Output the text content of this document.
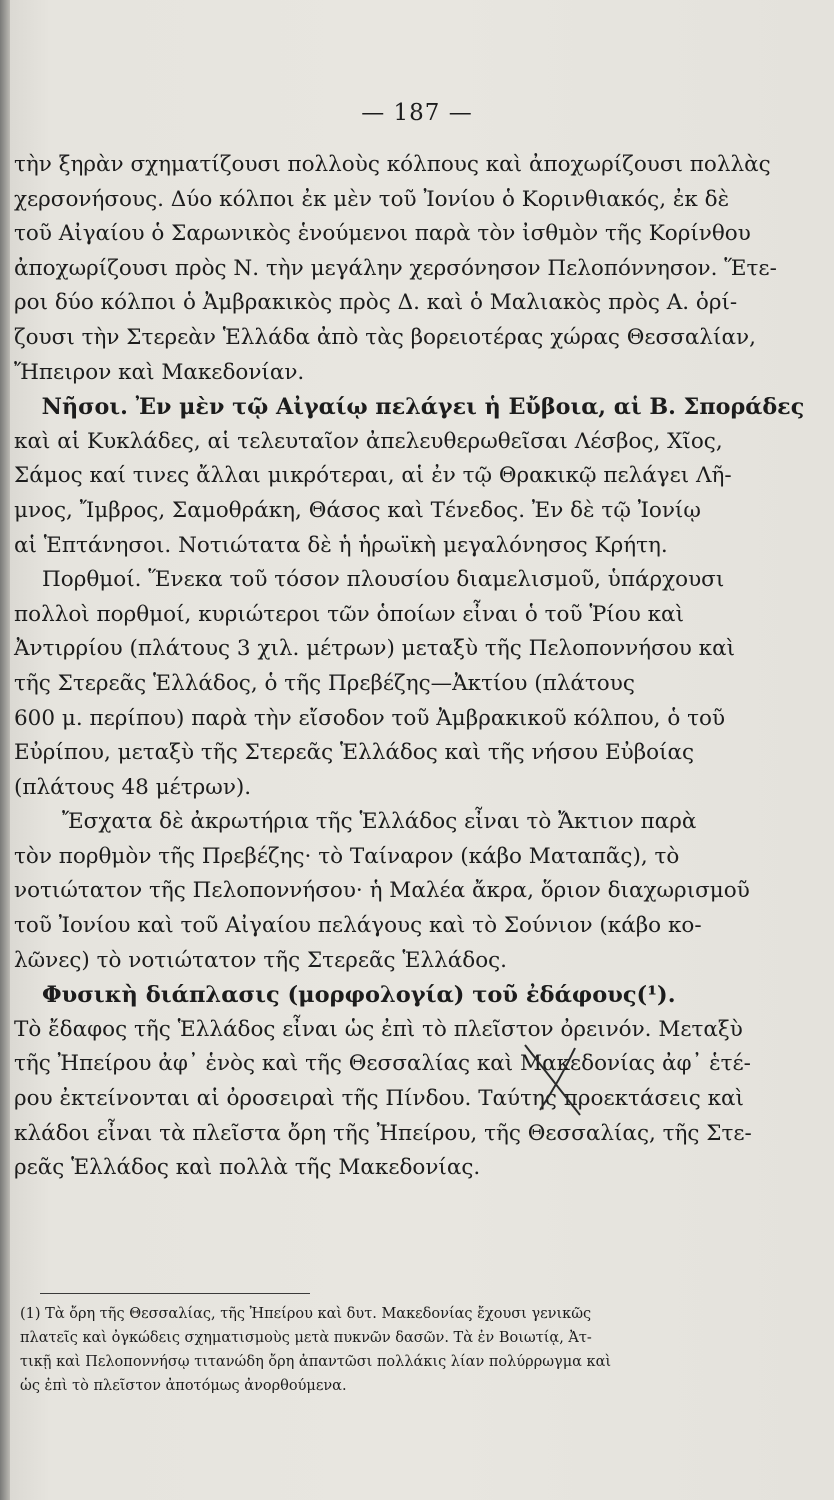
— 187 —
τὴν ξηρὰν σχηματίζουσι πολλοὺς κόλπους καὶ ἀποχωρίζουσι πολλὰς
χερσονήσους. Δύο κόλποι ἐκ μὲν τοῦ Ἰονίου ὁ Κορινθιακός, ἐκ δὲ
τοῦ Αἰγαίου ὁ Σαρωνικὸς ἑνούμενοι παρὰ τὸν ἰσθμὸν τῆς Κορίνθου
ἀποχωρίζουσι πρὸς Ν. τὴν μεγάλην χερσόνησον Πελοπόννησον. Ἕτε-
ροι δύο κόλποι ὁ Ἀμβρακικὸς πρὸς Δ. καὶ ὁ Μαλιακὸς πρὸς Α. ὁρί-
ζουσι τὴν Στερεὰν Ἑλλάδα ἀπὸ τὰς βορειοτέρας χώρας Θεσσαλίαν,
Ἤπειρον καὶ Μακεδονίαν.
Νῆσοι. Ἐν μὲν τῷ Αἰγαίῳ πελάγει ἡ Εὔβοια, αἱ Β. Σποράδες
καὶ αἱ Κυκλάδες, αἱ τελευταῖον ἀπελευθερωθεῖσαι Λέσβος, Χῖος,
Σάμος καί τινες ἄλλαι μικρότεραι, αἱ ἐν τῷ Θρακικῷ πελάγει Λῆ-
μνος, Ἴμβρος, Σαμοθράκη, Θάσος καὶ Τένεδος. Ἐν δὲ τῷ Ἰονίῳ
αἱ Ἑπτάνησοι. Νοτιώτατα δὲ ἡ ἡρωϊκὴ μεγαλόνησος Κρήτη.
Πορθμοί. Ἕνεκα τοῦ τόσον πλουσίου διαμελισμοῦ, ὑπάρχουσι
πολλοὶ πορθμοί, κυριώτεροι τῶν ὁποίων εἶναι ὁ τοῦ Ῥίου καὶ
Ἀντιρρίου (πλάτους 3 χιλ. μέτρων) μεταξὺ τῆς Πελοποννήσου καὶ
τῆς Στερεᾶς Ἑλλάδος, ὁ τῆς Πρεβέζης—Ἀκτίου (πλάτους
600 μ. περίπου) παρὰ τὴν εἴσοδον τοῦ Ἀμβρακικοῦ κόλπου, ὁ τοῦ
Εὐρίπου, μεταξὺ τῆς Στερεᾶς Ἑλλάδος καὶ τῆς νήσου Εὐβοίας
(πλάτους 48 μέτρων).
Ἔσχατα δὲ ἀκρωτήρια τῆς Ἑλλάδος εἶναι τὸ Ἄκτιον παρὰ
τὸν πορθμὸν τῆς Πρεβέζης· τὸ Ταίναρον (κάβο Ματαπᾶς), τὸ
νοτιώτατον τῆς Πελοποννήσου· ἡ Μαλέα ἄκρα, ὅριον διαχωρισμοῦ
τοῦ Ἰονίου καὶ τοῦ Αἰγαίου πελάγους καὶ τὸ Σούνιον (κάβο κο-
λῶνες) τὸ νοτιώτατον τῆς Στερεᾶς Ἑλλάδος.
Φυσικὴ διάπλασις (μορφολογία) τοῦ ἐδάφους(¹).
Τὸ ἔδαφος τῆς Ἑλλάδος εἶναι ὡς ἐπὶ τὸ πλεῖστον ὀρεινόν. Μεταξὺ
τῆς Ἠπείρου ἀφ᾿ ἑνὸς καὶ τῆς Θεσσαλίας καὶ Μακεδονίας ἀφ᾿ ἑτέ-
ρου ἐκτείνονται αἱ ὀροσειραὶ τῆς Πίνδου. Ταύτης προεκτάσεις καὶ
κλάδοι εἶναι τὰ πλεῖστα ὄρη τῆς Ἠπείρου, τῆς Θεσσαλίας, τῆς Στε-
ρεᾶς Ἑλλάδος καὶ πολλὰ τῆς Μακεδονίας.
(1) Τὰ ὄρη τῆς Θεσσαλίας, τῆς Ἠπείρου καὶ δυτ. Μακεδονίας ἔχουσι γενικῶς
πλατεῖς καὶ ὀγκώδεις σχηματισμοὺς μετὰ πυκνῶν δασῶν. Τὰ ἐν Βοιωτίᾳ, Ἀτ-
τικῇ καὶ Πελοποννήσῳ τιτανώδη ὄρη ἀπαντῶσι πολλάκις λίαν πολύρρωγμα καὶ
ὡς ἐπὶ τὸ πλεῖστον ἀποτόμως ἀνορθούμενα.
